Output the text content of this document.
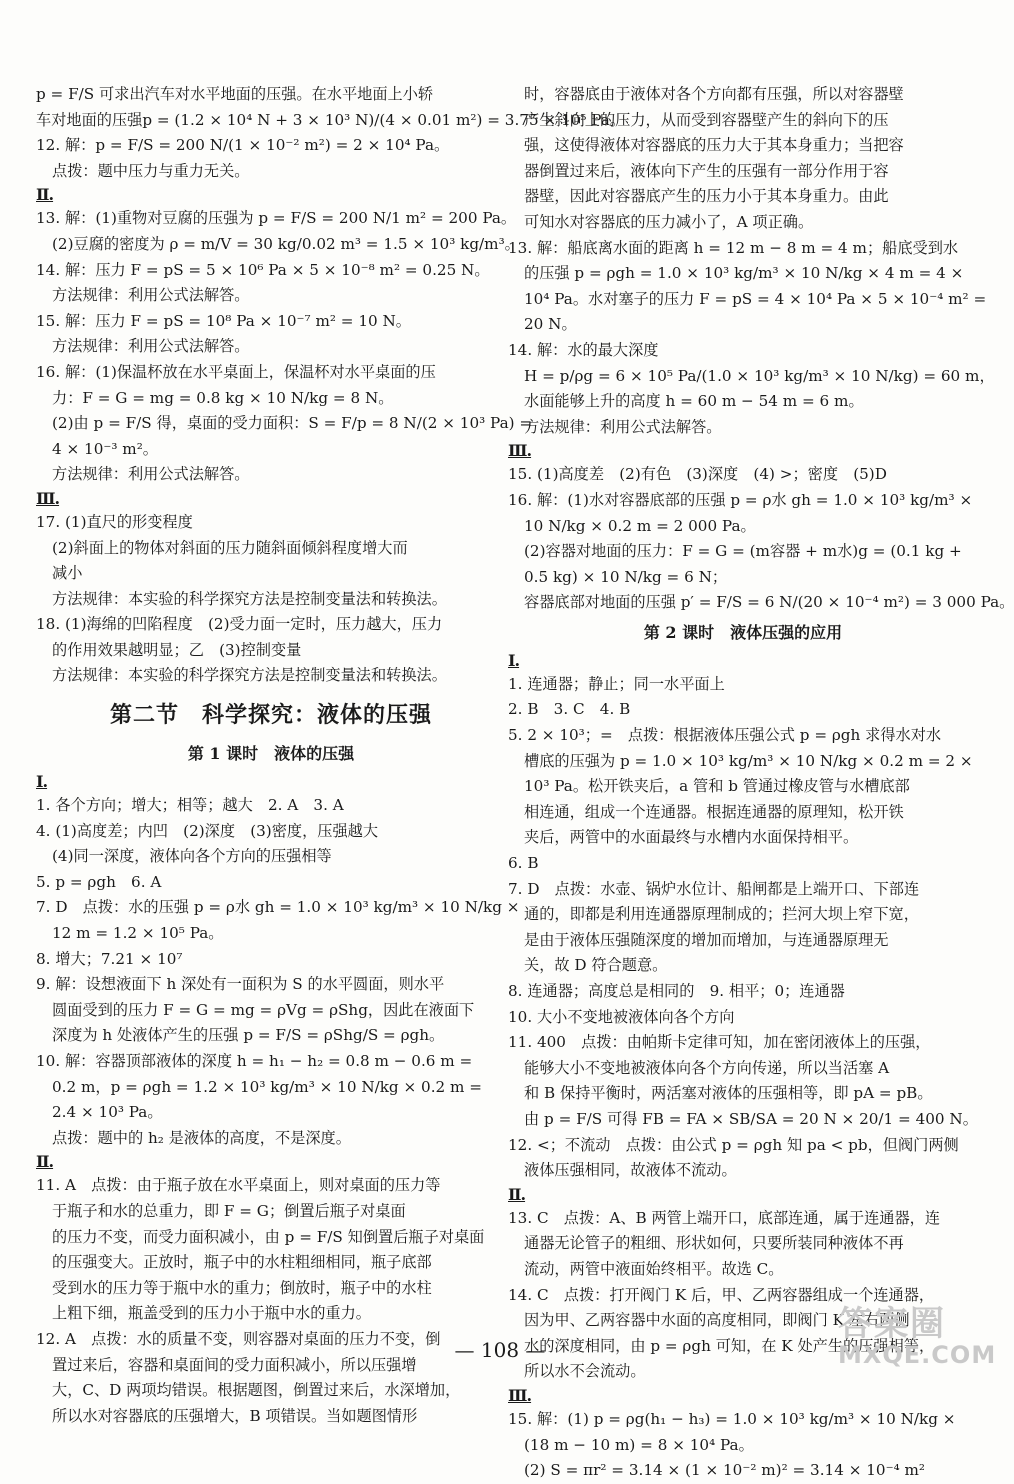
p = F/S 可求出汽车对水平地面的压强。在水平地面上小轿
车对地面的压强p = (1.2 × 10⁴ N + 3 × 10³ N)/(4 × 0.01 m²) = 3.75 × 10⁵ Pa。
12. 解：p = F/S = 200 N/(1 × 10⁻² m²) = 2 × 10⁴ Pa。
点拨：题中压力与重力无关。
Ⅱ.
13. 解：(1)重物对豆腐的压强为 p = F/S = 200 N/1 m² = 200 Pa。
(2)豆腐的密度为 ρ = m/V = 30 kg/0.02 m³ = 1.5 × 10³ kg/m³。
14. 解：压力 F = pS = 5 × 10⁶ Pa × 5 × 10⁻⁸ m² = 0.25 N。
方法规律：利用公式法解答。
15. 解：压力 F = pS = 10⁸ Pa × 10⁻⁷ m² = 10 N。
方法规律：利用公式法解答。
16. 解：(1)保温杯放在水平桌面上，保温杯对水平桌面的压
力：F = G = mg = 0.8 kg × 10 N/kg = 8 N。
(2)由 p = F/S 得，桌面的受力面积：S = F/p = 8 N/(2 × 10³ Pa) =
4 × 10⁻³ m²。
方法规律：利用公式法解答。
Ⅲ.
17. (1)直尺的形变程度
(2)斜面上的物体对斜面的压力随斜面倾斜程度增大而
减小
方法规律：本实验的科学探究方法是控制变量法和转换法。
18. (1)海绵的凹陷程度　(2)受力面一定时，压力越大，压力
的作用效果越明显；乙　(3)控制变量
方法规律：本实验的科学探究方法是控制变量法和转换法。
第二节　科学探究：液体的压强
第 1 课时　液体的压强
Ⅰ.
1. 各个方向；增大；相等；越大　2. A　3. A
4. (1)高度差；内凹　(2)深度　(3)密度，压强越大
(4)同一深度，液体向各个方向的压强相等
5. p = ρgh　6. A
7. D　点拨：水的压强 p = ρ水 gh = 1.0 × 10³ kg/m³ × 10 N/kg ×
12 m = 1.2 × 10⁵ Pa。
8. 增大；7.21 × 10⁷
9. 解：设想液面下 h 深处有一面积为 S 的水平圆面，则水平
圆面受到的压力 F = G = mg = ρVg = ρShg，因此在液面下
深度为 h 处液体产生的压强 p = F/S = ρShg/S = ρgh。
10. 解：容器顶部液体的深度 h = h₁ − h₂ = 0.8 m − 0.6 m =
0.2 m，p = ρgh = 1.2 × 10³ kg/m³ × 10 N/kg × 0.2 m =
2.4 × 10³ Pa。
点拨：题中的 h₂ 是液体的高度，不是深度。
Ⅱ.
11. A　点拨：由于瓶子放在水平桌面上，则对桌面的压力等
于瓶子和水的总重力，即 F = G；倒置后瓶子对桌面
的压力不变，而受力面积减小，由 p = F/S 知倒置后瓶子对桌面
的压强变大。正放时，瓶子中的水柱粗细相同，瓶子底部
受到水的压力等于瓶中水的重力；倒放时，瓶子中的水柱
上粗下细，瓶盖受到的压力小于瓶中水的重力。
12. A　点拨：水的质量不变，则容器对桌面的压力不变，倒
置过来后，容器和桌面间的受力面积减小，所以压强增
大，C、D 两项均错误。根据题图，倒置过来后，水深增加，
所以水对容器底的压强增大，B 项错误。当如题图情形
时，容器底由于液体对各个方向都有压强，所以对容器壁
产生斜向上的压力，从而受到容器壁产生的斜向下的压
强，这使得液体对容器底的压力大于其本身重力；当把容
器倒置过来后，液体向下产生的压强有一部分作用于容
器壁，因此对容器底产生的压力小于其本身重力。由此
可知水对容器底的压力减小了，A 项正确。
13. 解：船底离水面的距离 h = 12 m − 8 m = 4 m；船底受到水
的压强 p = ρgh = 1.0 × 10³ kg/m³ × 10 N/kg × 4 m = 4 ×
10⁴ Pa。水对塞子的压力 F = pS = 4 × 10⁴ Pa × 5 × 10⁻⁴ m² =
20 N。
14. 解：水的最大深度
H = p/ρg = 6 × 10⁵ Pa/(1.0 × 10³ kg/m³ × 10 N/kg) = 60 m，
水面能够上升的高度 h = 60 m − 54 m = 6 m。
方法规律：利用公式法解答。
Ⅲ.
15. (1)高度差　(2)有色　(3)深度　(4) >；密度　(5)D
16. 解：(1)水对容器底部的压强 p = ρ水 gh = 1.0 × 10³ kg/m³ ×
10 N/kg × 0.2 m = 2 000 Pa。
(2)容器对地面的压力：F = G = (m容器 + m水)g = (0.1 kg +
0.5 kg) × 10 N/kg = 6 N；
容器底部对地面的压强 p′ = F/S = 6 N/(20 × 10⁻⁴ m²) = 3 000 Pa。
第 2 课时　液体压强的应用
Ⅰ.
1. 连通器；静止；同一水平面上
2. B　3. C　4. B
5. 2 × 10³；=　点拨：根据液体压强公式 p = ρgh 求得水对水
槽底的压强为 p = 1.0 × 10³ kg/m³ × 10 N/kg × 0.2 m = 2 ×
10³ Pa。松开铁夹后，a 管和 b 管通过橡皮管与水槽底部
相连通，组成一个连通器。根据连通器的原理知，松开铁
夹后，两管中的水面最终与水槽内水面保持相平。
6. B
7. D　点拨：水壶、锅炉水位计、船闸都是上端开口、下部连
通的，即都是利用连通器原理制成的；拦河大坝上窄下宽，
是由于液体压强随深度的增加而增加，与连通器原理无
关，故 D 符合题意。
8. 连通器；高度总是相同的　9. 相平；0；连通器
10. 大小不变地被液体向各个方向
11. 400　点拨：由帕斯卡定律可知，加在密闭液体上的压强，
能够大小不变地被液体向各个方向传递，所以当活塞 A
和 B 保持平衡时，两活塞对液体的压强相等，即 pA = pB。
由 p = F/S 可得 FB = FA × SB/SA = 20 N × 20/1 = 400 N。
12. <；不流动　点拨：由公式 p = ρgh 知 pa < pb，但阀门两侧
液体压强相同，故液体不流动。
Ⅱ.
13. C　点拨：A、B 两管上端开口，底部连通，属于连通器，连
通器无论管子的粗细、形状如何，只要所装同种液体不再
流动，两管中液面始终相平。故选 C。
14. C　点拨：打开阀门 K 后，甲、乙两容器组成一个连通器，
因为甲、乙两容器中水面的高度相同，即阀门 K 左右两侧
水的深度相同，由 p = ρgh 可知，在 K 处产生的压强相等，
所以水不会流动。
Ⅲ.
15. 解：(1) p = ρg(h₁ − h₃) = 1.0 × 10³ kg/m³ × 10 N/kg ×
(18 m − 10 m) = 8 × 10⁴ Pa。
(2) S = πr² = 3.14 × (1 × 10⁻² m)² = 3.14 × 10⁻⁴ m²
— 108 —
答案圈
MXQE.COM
